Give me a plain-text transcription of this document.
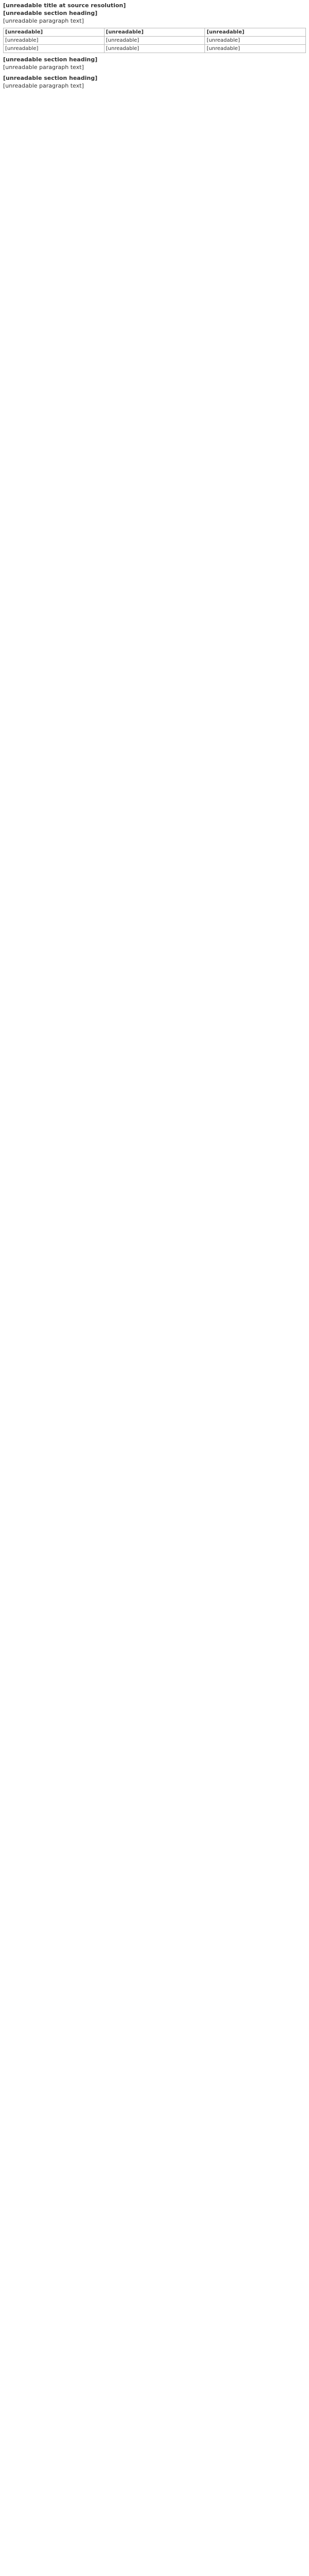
[unreadable title at source resolution]
[unreadable section heading]
[unreadable paragraph text]
[unreadable]	[unreadable]	[unreadable]
[unreadable]	[unreadable]	[unreadable]
[unreadable]	[unreadable]	[unreadable]
[unreadable section heading]
[unreadable paragraph text]
[unreadable section heading]
[unreadable paragraph text]
